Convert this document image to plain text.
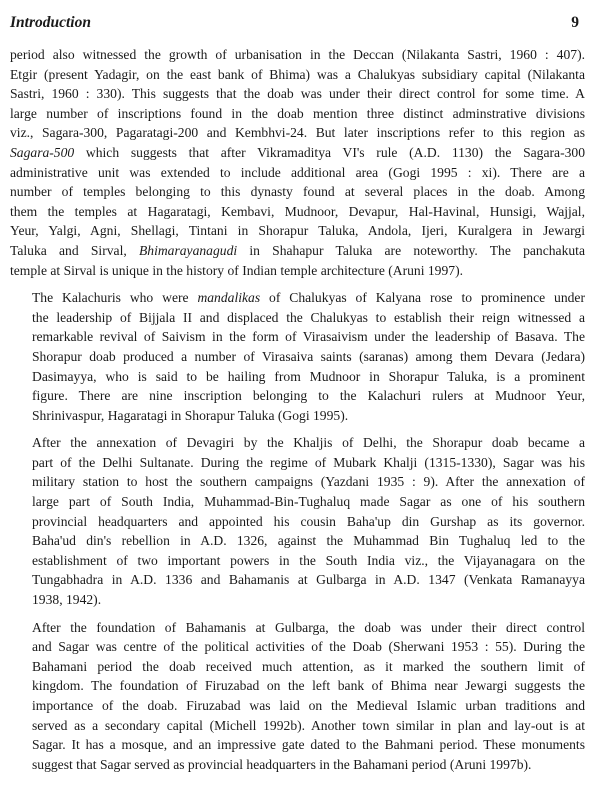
Introduction	9

period also witnessed the growth of urbanisation in the Deccan (Nilakanta Sastri, 1960 : 407).
Etgir (present Yadagir, on the east bank of Bhima) was a Chalukyas subsidiary capital (Nilakanta
Sastri, 1960 : 330). This suggests that the doab was under their direct control for some time. A
large number of inscriptions found in the doab mention three distinct adminstrative divisions
viz., Sagara-300, Pagaratagi-200 and Kembhvi-24. But later inscriptions refer to this region as
Sagara-500 which suggests that after Vikramaditya VI's rule (A.D. 1130) the Sagara-300
administrative unit was extended to include additional area (Gogi 1995 : xi). There are a
number of temples belonging to this dynasty found at several places in the doab. Among
them the temples at Hagaratagi, Kembavi, Mudnoor, Devapur, Hal-Havinal, Hunsigi, Wajjal,
Yeur, Yalgi, Agni, Shellagi, Tintani in Shorapur Taluka, Andola, Ijeri, Kuralgera in Jewargi
Taluka and Sirval, Bhimarayanagudi in Shahapur Taluka are noteworthy. The panchakuta
temple at Sirval is unique in the history of Indian temple architecture (Aruni 1997).

The Kalachuris who were mandalikas of Chalukyas of Kalyana rose to prominence under
the leadership of Bijjala II and displaced the Chalukyas to establish their reign witnessed a
remarkable revival of Saivism in the form of Virasaivism under the leadership of Basava. The
Shorapur doab produced a number of Virasaiva saints (saranas) among them Devara (Jedara)
Dasimayya, who is said to be hailing from Mudnoor in Shorapur Taluka, is a prominent
figure. There are nine inscription belonging to the Kalachuri rulers at Mudnoor Yeur,
Shrinivaspur, Hagaratagi in Shorapur Taluka (Gogi 1995).

After the annexation of Devagiri by the Khaljis of Delhi, the Shorapur doab became a
part of the Delhi Sultanate. During the regime of Mubark Khalji (1315-1330), Sagar was his
military station to host the southern campaigns (Yazdani 1935 : 9). After the annexation of
large part of South India, Muhammad-Bin-Tughaluq made Sagar as one of his southern
provincial headquarters and appointed his cousin Baha'up din Gurshap as its governor.
Baha'ud din's rebellion in A.D. 1326, against the Muhammad Bin Tughaluq led to the
establishment of two important powers in the South India viz., the Vijayanagara on the
Tungabhadra in A.D. 1336 and Bahamanis at Gulbarga in A.D. 1347 (Venkata Ramanayya
1938, 1942).

After the foundation of Bahamanis at Gulbarga, the doab was under their direct control
and Sagar was centre of the political activities of the Doab (Sherwani 1953 : 55). During the
Bahamani period the doab received much attention, as it marked the southern limit of
kingdom. The foundation of Firuzabad on the left bank of Bhima near Jewargi suggests the
importance of the doab. Firuzabad was laid on the Medieval Islamic urban traditions and
served as a secondary capital (Michell 1992b). Another town similar in plan and lay-out is at
Sagar. It has a mosque, and an impressive gate dated to the Bahmani period. These monuments
suggest that Sagar served as provincial headquarters in the Bahamani period (Aruni 1997b).
